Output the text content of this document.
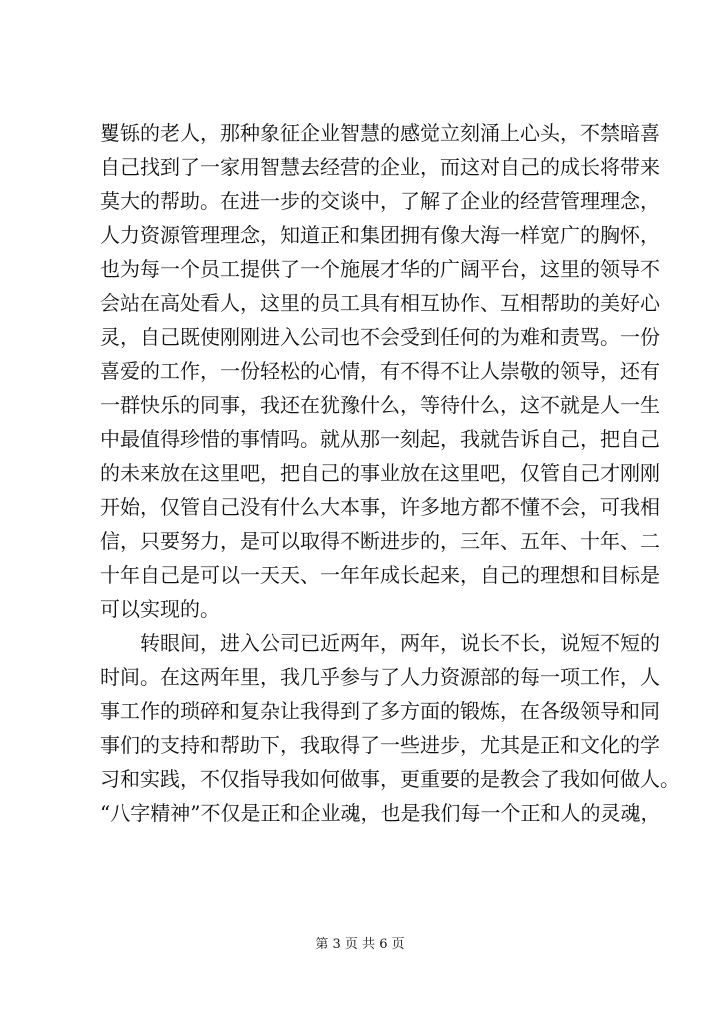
矍铄的老人，那种象征企业智慧的感觉立刻涌上心头，不禁暗喜
自己找到了一家用智慧去经营的企业，而这对自己的成长将带来
莫大的帮助。在进一步的交谈中，了解了企业的经营管理理念，
人力资源管理理念，知道正和集团拥有像大海一样宽广的胸怀，
也为每一个员工提供了一个施展才华的广阔平台，这里的领导不
会站在高处看人，这里的员工具有相互协作、互相帮助的美好心
灵，自己既使刚刚进入公司也不会受到任何的为难和责骂。一份
喜爱的工作，一份轻松的心情，有不得不让人崇敬的领导，还有
一群快乐的同事，我还在犹豫什么，等待什么，这不就是人一生
中最值得珍惜的事情吗。就从那一刻起，我就告诉自己，把自己
的未来放在这里吧，把自己的事业放在这里吧，仅管自己才刚刚
开始，仅管自己没有什么大本事，许多地方都不懂不会，可我相
信，只要努力，是可以取得不断进步的，三年、五年、十年、二
十年自己是可以一天天、一年年成长起来，自己的理想和目标是
可以实现的。
转眼间，进入公司已近两年，两年，说长不长，说短不短的
时间。在这两年里，我几乎参与了人力资源部的每一项工作，人
事工作的琐碎和复杂让我得到了多方面的锻炼，在各级领导和同
事们的支持和帮助下，我取得了一些进步，尤其是正和文化的学
习和实践，不仅指导我如何做事，更重要的是教会了我如何做人。
“八字精神”不仅是正和企业魂，也是我们每一个正和人的灵魂，
第 3 页 共 6 页
